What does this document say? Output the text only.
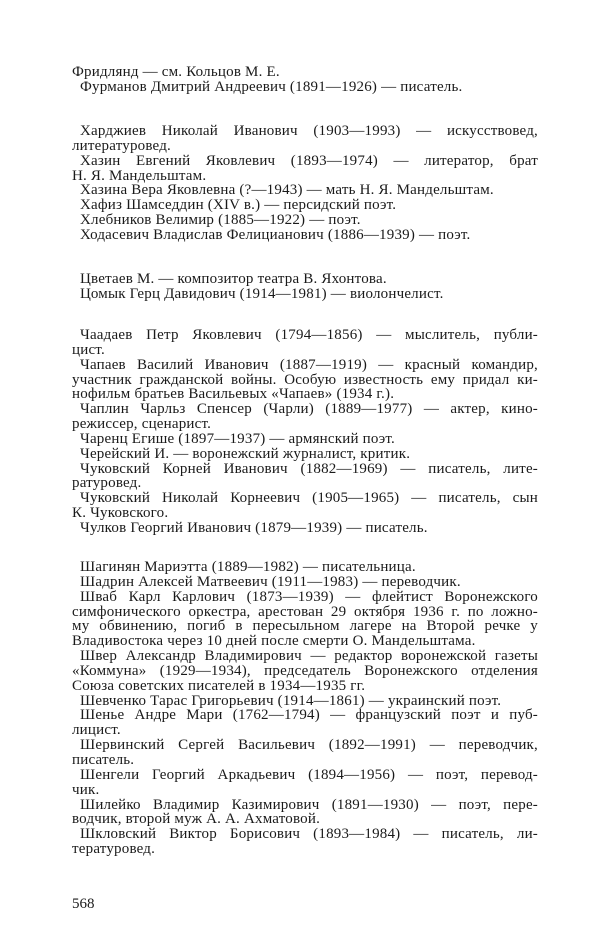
Фридлянд — см. Кольцов М. Е.
Фурманов Дмитрий Андреевич (1891—1926) — писатель.
Харджиев Николай Иванович (1903—1993) — искусствовед,
литературовед.
Хазин Евгений Яковлевич (1893—1974) — литератор, брат
Н. Я. Мандельштам.
Хазина Вера Яковлевна (?—1943) — мать Н. Я. Мандельштам.
Хафиз Шамседдин (XIV в.) — персидский поэт.
Хлебников Велимир (1885—1922) — поэт.
Ходасевич Владислав Фелицианович (1886—1939) — поэт.
Цветаев М. — композитор театра В. Яхонтова.
Цомык Герц Давидович (1914—1981) — виолончелист.
Чаадаев Петр Яковлевич (1794—1856) — мыслитель, публи-
цист.
Чапаев Василий Иванович (1887—1919) — красный командир,
участник гражданской войны. Особую известность ему придал ки-
нофильм братьев Васильевых «Чапаев» (1934 г.).
Чаплин Чарльз Спенсер (Чарли) (1889—1977) — актер, кино-
режиссер, сценарист.
Чаренц Егише (1897—1937) — армянский поэт.
Черейский И. — воронежский журналист, критик.
Чуковский Корней Иванович (1882—1969) — писатель, лите-
ратуровед.
Чуковский Николай Корнеевич (1905—1965) — писатель, сын
К. Чуковского.
Чулков Георгий Иванович (1879—1939) — писатель.
Шагинян Мариэтта (1889—1982) — писательница.
Шадрин Алексей Матвеевич (1911—1983) — переводчик.
Шваб Карл Карлович (1873—1939) — флейтист Воронежского
симфонического оркестра, арестован 29 октября 1936 г. по ложно-
му обвинению, погиб в пересыльном лагере на Второй речке у
Владивостока через 10 дней после смерти О. Мандельштама.
Швер Александр Владимирович — редактор воронежской газеты
«Коммуна» (1929—1934), председатель Воронежского отделения
Союза советских писателей в 1934—1935 гг.
Шевченко Тарас Григорьевич (1914—1861) — украинский поэт.
Шенье Андре Мари (1762—1794) — французский поэт и пуб-
лицист.
Шервинский Сергей Васильевич (1892—1991) — переводчик,
писатель.
Шенгели Георгий Аркадьевич (1894—1956) — поэт, перевод-
чик.
Шилейко Владимир Казимирович (1891—1930) — поэт, пере-
водчик, второй муж А. А. Ахматовой.
Шкловский Виктор Борисович (1893—1984) — писатель, ли-
тературовед.
568
